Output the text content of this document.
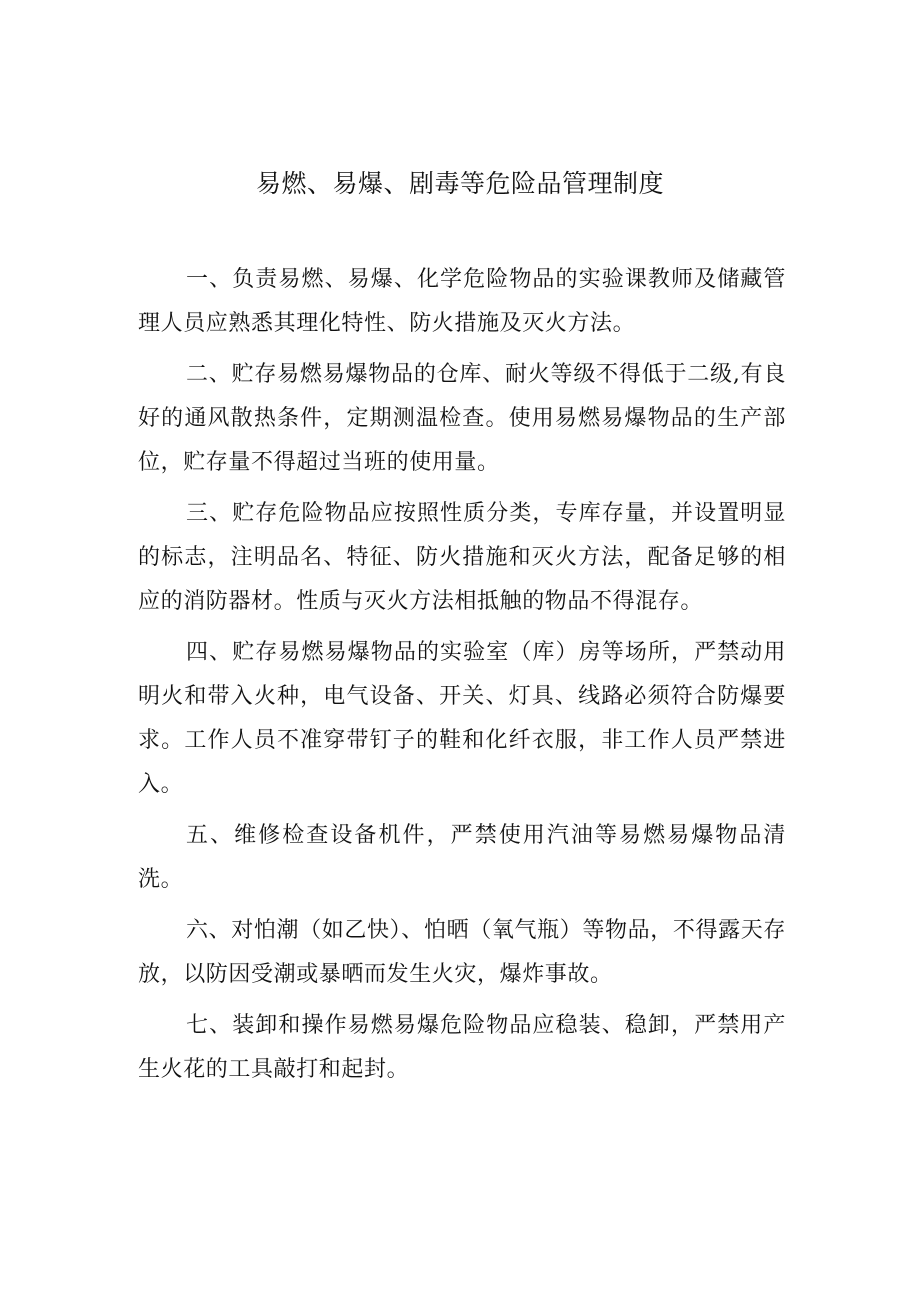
易燃、易爆、剧毒等危险品管理制度

一、负责易燃、易爆、化学危险物品的实验课教师及储藏管理人员应熟悉其理化特性、防火措施及灭火方法。

二、贮存易燃易爆物品的仓库、耐火等级不得低于二级,有良好的通风散热条件，定期测温检查。使用易燃易爆物品的生产部位，贮存量不得超过当班的使用量。

三、贮存危险物品应按照性质分类，专库存量，并设置明显的标志，注明品名、特征、防火措施和灭火方法，配备足够的相应的消防器材。性质与灭火方法相抵触的物品不得混存。

四、贮存易燃易爆物品的实验室（库）房等场所，严禁动用明火和带入火种，电气设备、开关、灯具、线路必须符合防爆要求。工作人员不准穿带钉子的鞋和化纤衣服，非工作人员严禁进入。

五、维修检查设备机件，严禁使用汽油等易燃易爆物品清洗。

六、对怕潮（如乙快）、怕晒（氧气瓶）等物品，不得露天存放，以防因受潮或暴晒而发生火灾，爆炸事故。

七、装卸和操作易燃易爆危险物品应稳装、稳卸，严禁用产生火花的工具敲打和起封。
